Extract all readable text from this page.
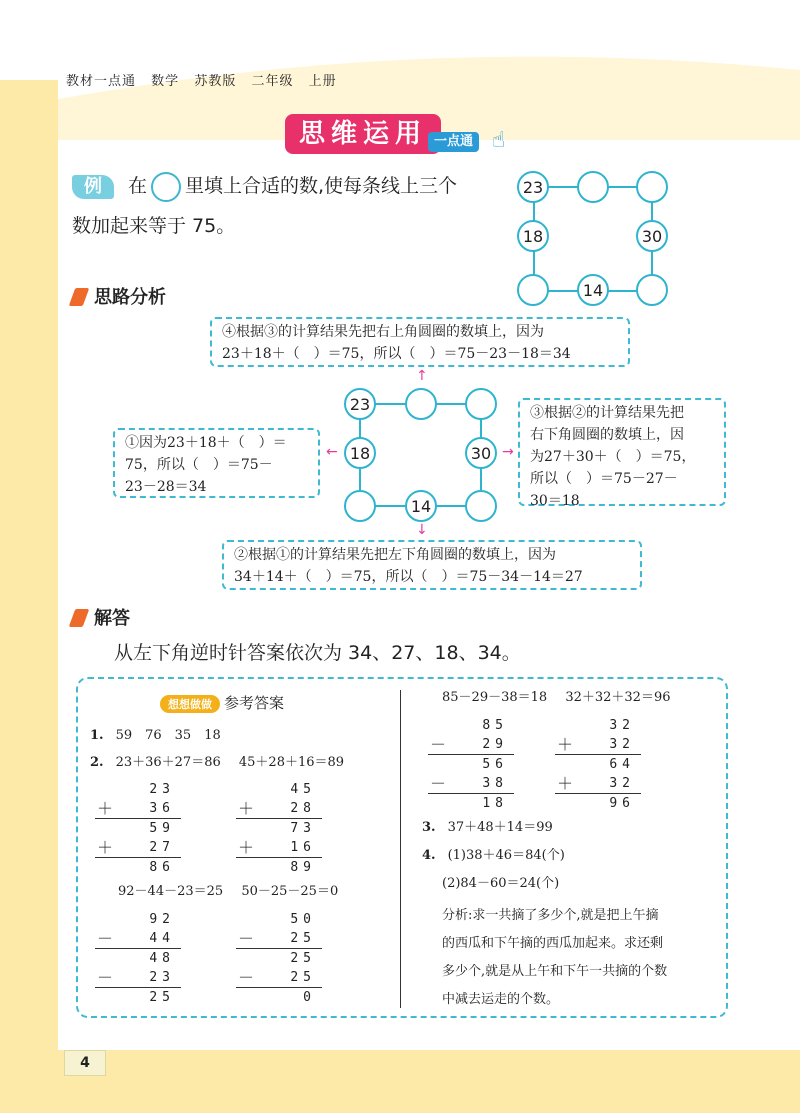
教材一点通 数学 苏教版 二年级 上册
思维运用 一点通 ☝
例	在 里填上合适的数,使每条线上三个
数加起来等于 75。
23
18	30
14
思路分析
④根据③的计算结果先把右上角圆圈的数填上，因为
23＋18＋（　）＝75，所以（　）＝75－23－18＝34
↑
23
18	30
14
←	→
↓
①因为23＋18＋（　）＝
75，所以（　）＝75－
23－28＝34
③根据②的计算结果先把
右下角圆圈的数填上，因
为27＋30＋（　）＝75，
所以（　）＝75－27－
30＝18
②根据①的计算结果先把左下角圆圈的数填上，因为
34＋14＋（　）＝75，所以（　）＝75－34－14＝27
解答
从左下角逆时针答案依次为 34、27、18、34。
想想做做 参考答案
1. 59　76　35　18
2. 23＋36＋27＝86 45＋28＋16＝89
23
＋	36
59
＋	27
86
45
＋	28
73
＋	16
89
92－44－23＝25 50－25－25＝0
92
－	44
48
－	23
25
50
－	25
25
－	25
0
85－29－38＝18 32＋32＋32＝96
85
－	29
56
－	38
18
32
＋	32
64
＋	32
96
3. 37＋48＋14＝99
4. (1)38＋46＝84(个)
(2)84－60＝24(个)
分析:求一共摘了多少个,就是把上午摘
的西瓜和下午摘的西瓜加起来。求还剩
多少个,就是从上午和下午一共摘的个数
中减去运走的个数。
4
